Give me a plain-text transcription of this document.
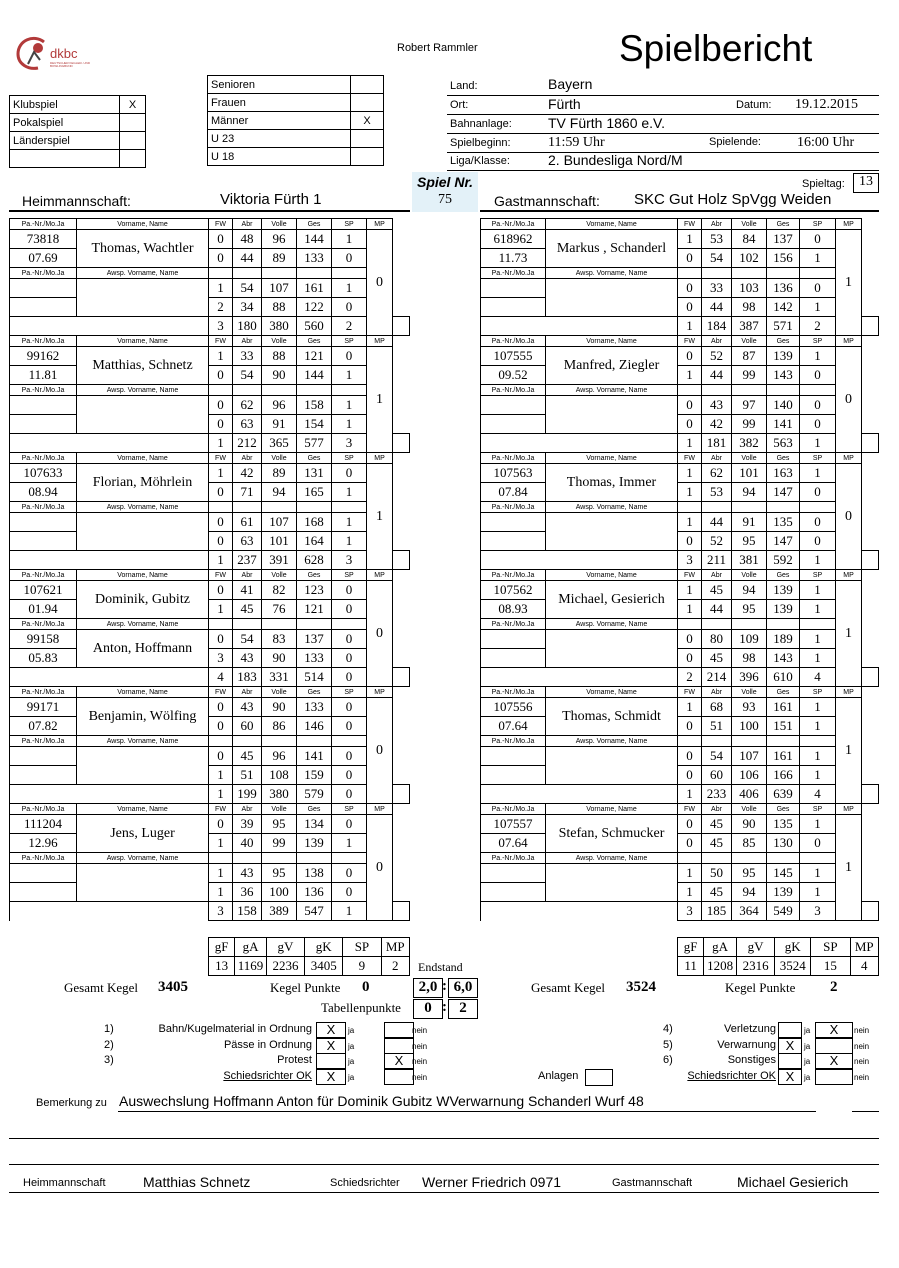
dkbc
DEUTSCHER KEGLER- UND BOWLINGBUND
Robert Rammler	Spielbericht
Klubspiel	X
Pokalspiel	
Länderspiel	

Senioren	
Frauen	
Männer	X
U 23	
U 18	
Land:	Bayern
Ort:	Fürth	Datum: 19.12.2015
Bahnanlage:	TV Fürth 1860 e.V.
Spielbeginn:	11:59 Uhr	Spielende:	16:00 Uhr
Liga/Klasse:	2. Bundesliga Nord/M
Spiel Nr.
75
Spieltag:	13
Heimmannschaft:	Viktoria Fürth 1	Gastmannschaft: SKC Gut Holz SpVgg Weiden
Pa.-Nr./Mo.Ja	Vorname, Name	FW	Abr	Volle	Ges	SP	MP	
73818	Thomas, Wachtler	0	48	96	144	1	0	
07.69		0	44	89	133	0		
Pa.-Nr./Mo.Ja	Awsp. Vorname, Name							
		1	54	107	161	1		
		2	34	88	122	0		
		3	180	380	560	2		
Pa.-Nr./Mo.Ja	Vorname, Name	FW	Abr	Volle	Ges	SP	MP	
99162	Matthias, Schnetz	1	33	88	121	0	1	
11.81		0	54	90	144	1		
Pa.-Nr./Mo.Ja	Awsp. Vorname, Name							
		0	62	96	158	1		
		0	63	91	154	1		
		1	212	365	577	3		
Pa.-Nr./Mo.Ja	Vorname, Name	FW	Abr	Volle	Ges	SP	MP	
107633	Florian, Möhrlein	1	42	89	131	0	1	
08.94		0	71	94	165	1		
Pa.-Nr./Mo.Ja	Awsp. Vorname, Name							
		0	61	107	168	1		
		0	63	101	164	1		
		1	237	391	628	3		
Pa.-Nr./Mo.Ja	Vorname, Name	FW	Abr	Volle	Ges	SP	MP	
107621	Dominik, Gubitz	0	41	82	123	0	0	
01.94		1	45	76	121	0		
Pa.-Nr./Mo.Ja	Awsp. Vorname, Name							
99158	Anton, Hoffmann	0	54	83	137	0		
05.83		3	43	90	133	0		
		4	183	331	514	0		
Pa.-Nr./Mo.Ja	Vorname, Name	FW	Abr	Volle	Ges	SP	MP	
99171	Benjamin, Wölfing	0	43	90	133	0	0	
07.82		0	60	86	146	0		
Pa.-Nr./Mo.Ja	Awsp. Vorname, Name							
		0	45	96	141	0		
		1	51	108	159	0		
		1	199	380	579	0		
Pa.-Nr./Mo.Ja	Vorname, Name	FW	Abr	Volle	Ges	SP	MP	
111204	Jens, Luger	0	39	95	134	0	0	
12.96		1	40	99	139	1		
Pa.-Nr./Mo.Ja	Awsp. Vorname, Name							
		1	43	95	138	0		
		1	36	100	136	0		
		3	158	389	547	1		
Pa.-Nr./Mo.Ja	Vorname, Name	FW	Abr	Volle	Ges	SP	MP	
618962	Markus , Schanderl	1	53	84	137	0	1	
11.73		0	54	102	156	1		
Pa.-Nr./Mo.Ja	Awsp. Vorname, Name							
		0	33	103	136	0		
		0	44	98	142	1		
		1	184	387	571	2		
Pa.-Nr./Mo.Ja	Vorname, Name	FW	Abr	Volle	Ges	SP	MP	
107555	Manfred, Ziegler	0	52	87	139	1	0	
09.52		1	44	99	143	0		
Pa.-Nr./Mo.Ja	Awsp. Vorname, Name							
		0	43	97	140	0		
		0	42	99	141	0		
		1	181	382	563	1		
Pa.-Nr./Mo.Ja	Vorname, Name	FW	Abr	Volle	Ges	SP	MP	
107563	Thomas, Immer	1	62	101	163	1	0	
07.84		1	53	94	147	0		
Pa.-Nr./Mo.Ja	Awsp. Vorname, Name							
		1	44	91	135	0		
		0	52	95	147	0		
		3	211	381	592	1		
Pa.-Nr./Mo.Ja	Vorname, Name	FW	Abr	Volle	Ges	SP	MP	
107562	Michael, Gesierich	1	45	94	139	1	1	
08.93		1	44	95	139	1		
Pa.-Nr./Mo.Ja	Awsp. Vorname, Name							
		0	80	109	189	1		
		0	45	98	143	1		
		2	214	396	610	4		
Pa.-Nr./Mo.Ja	Vorname, Name	FW	Abr	Volle	Ges	SP	MP	
107556	Thomas, Schmidt	1	68	93	161	1	1	
07.64		0	51	100	151	1		
Pa.-Nr./Mo.Ja	Awsp. Vorname, Name							
		0	54	107	161	1		
		0	60	106	166	1		
		1	233	406	639	4		
Pa.-Nr./Mo.Ja	Vorname, Name	FW	Abr	Volle	Ges	SP	MP	
107557	Stefan, Schmucker	0	45	90	135	1	1	
07.64		0	45	85	130	0		
Pa.-Nr./Mo.Ja	Awsp. Vorname, Name							
		1	50	95	145	1		
		1	45	94	139	1		
		3	185	364	549	3		
gF	gA	gV	gK	SP	MP
13	1169	2236	3405	9	2
gF	gA	gV	gK	SP	MP
11	1208	2316	3524	15	4
Endstand
Gesamt Kegel 3405	Kegel Punkte 0	2,0 : 6,0	Gesamt Kegel 3524	Kegel Punkte 2
Tabellenpunkte	0 : 2
1)	Bahn/Kugelmaterial in Ordnung	X	ja	nein
2)	Pässe in Ordnung	X	ja	nein
3)	Protest	ja	X	nein
Schiedsrichter OK	X	ja	nein
4)	Verletzung	ja	X	nein
5)	Verwarnung X	ja	nein
6)	Sonstiges	ja	X	nein
Schiedsrichter OK X	ja	nein
Anlagen
Bemerkung zu Auswechslung Hoffmann Anton für Dominik Gubitz WVerwarnung Schanderl Wurf 48
Heimmannschaft	Matthias Schnetz	Schiedsrichter Werner Friedrich 0971	Gastmannschaft	Michael Gesierich
